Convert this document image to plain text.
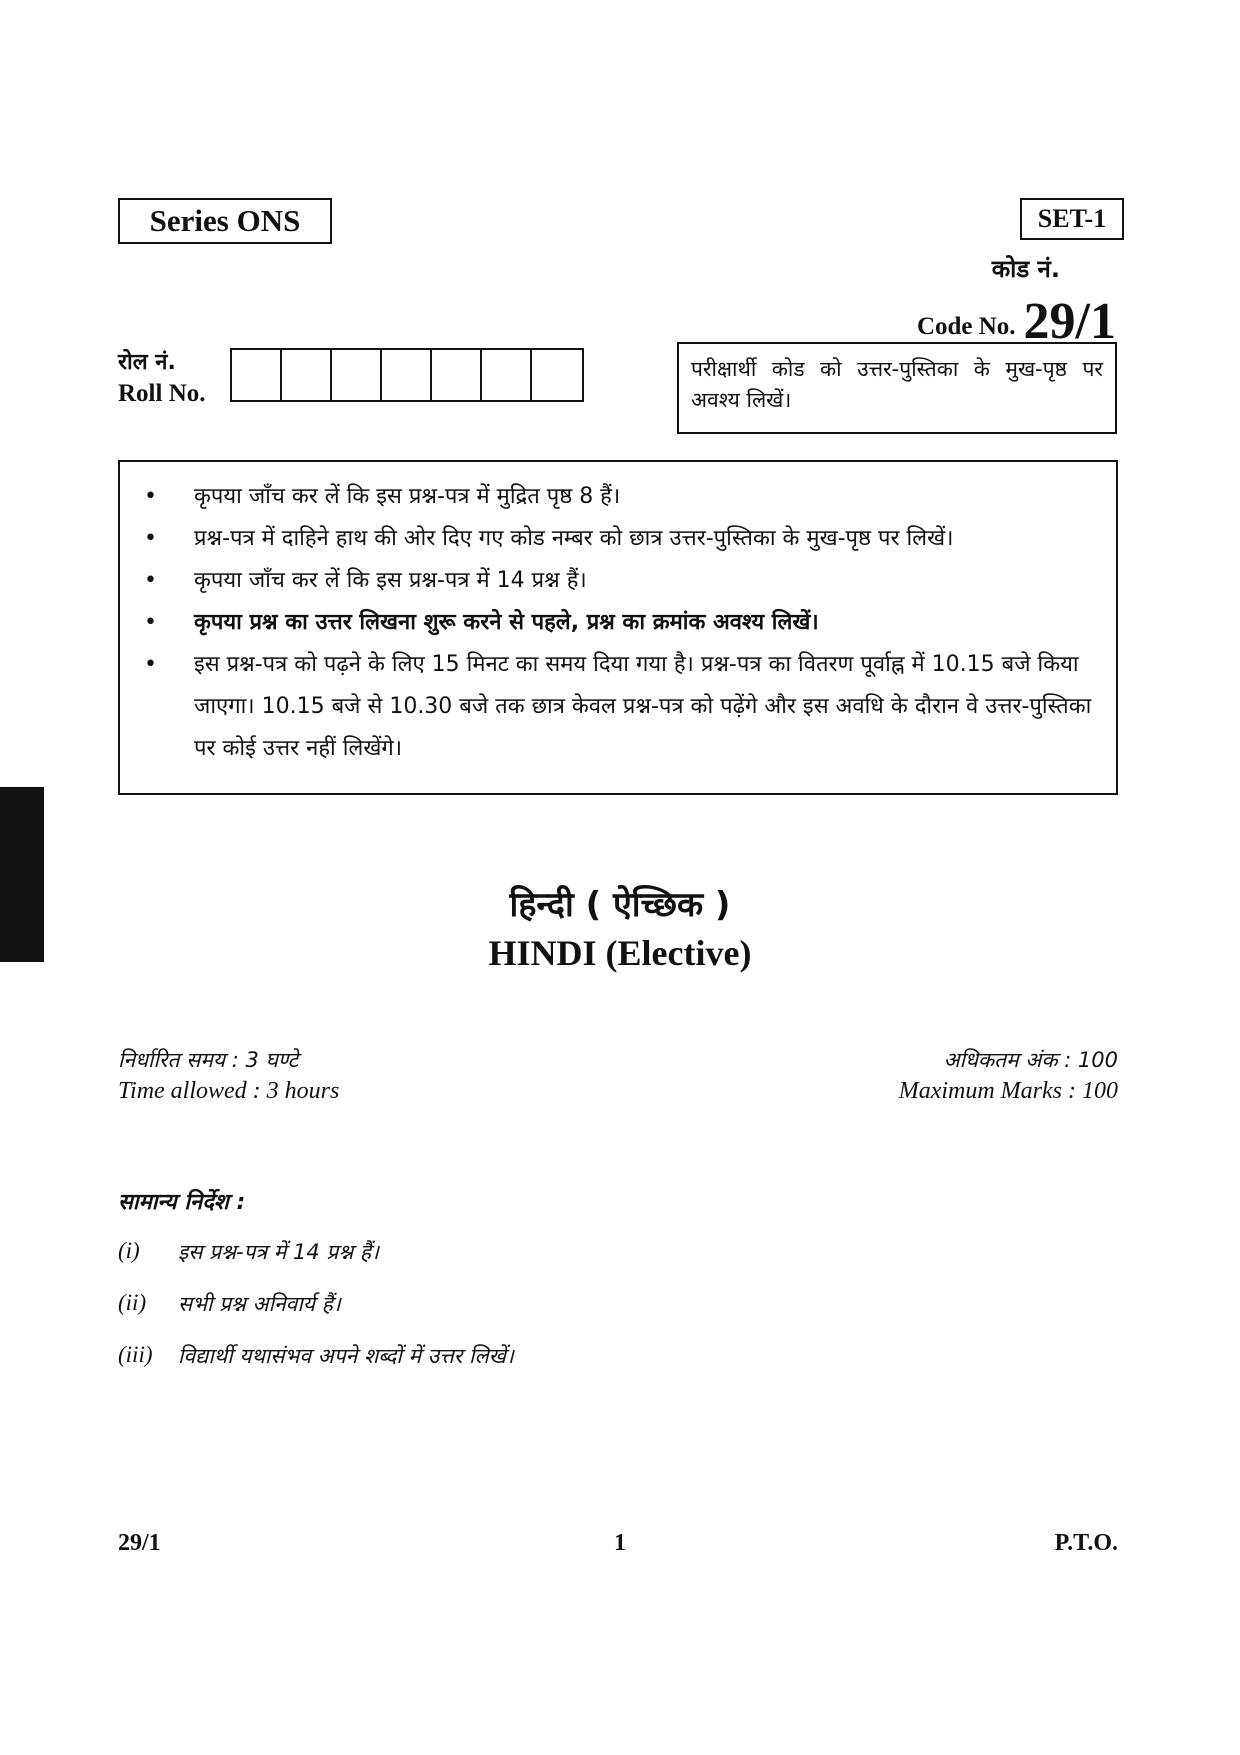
Series ONS	SET-1
कोड नं.
Code No. 29/1
रोल नं.
Roll No.
परीक्षार्थी कोड को उत्तर-पुस्तिका के मुख-पृष्ठ पर अवश्य लिखें।
•	कृपया जाँच कर लें कि इस प्रश्न-पत्र में मुद्रित पृष्ठ 8 हैं।
•	प्रश्न-पत्र में दाहिने हाथ की ओर दिए गए कोड नम्बर को छात्र उत्तर-पुस्तिका के मुख-पृष्ठ पर लिखें।
•	कृपया जाँच कर लें कि इस प्रश्न-पत्र में 14 प्रश्न हैं।
•	कृपया प्रश्न का उत्तर लिखना शुरू करने से पहले, प्रश्न का क्रमांक अवश्य लिखें।
•	इस प्रश्न-पत्र को पढ़ने के लिए 15 मिनट का समय दिया गया है। प्रश्न-पत्र का वितरण पूर्वाह्न में 10.15 बजे किया जाएगा। 10.15 बजे से 10.30 बजे तक छात्र केवल प्रश्न-पत्र को पढ़ेंगे और इस अवधि के दौरान वे उत्तर-पुस्तिका पर कोई उत्तर नहीं लिखेंगे।
हिन्दी ( ऐच्छिक )
HINDI (Elective)
निर्धारित समय : 3 घण्टे
Time allowed : 3 hours
अधिकतम अंक : 100
Maximum Marks : 100
सामान्य निर्देश :
(i)	इस प्रश्न-पत्र में 14 प्रश्न हैं।
(ii)	सभी प्रश्न अनिवार्य हैं।
(iii)	विद्यार्थी यथासंभव अपने शब्दों में उत्तर लिखें।
29/1	1	P.T.O.
